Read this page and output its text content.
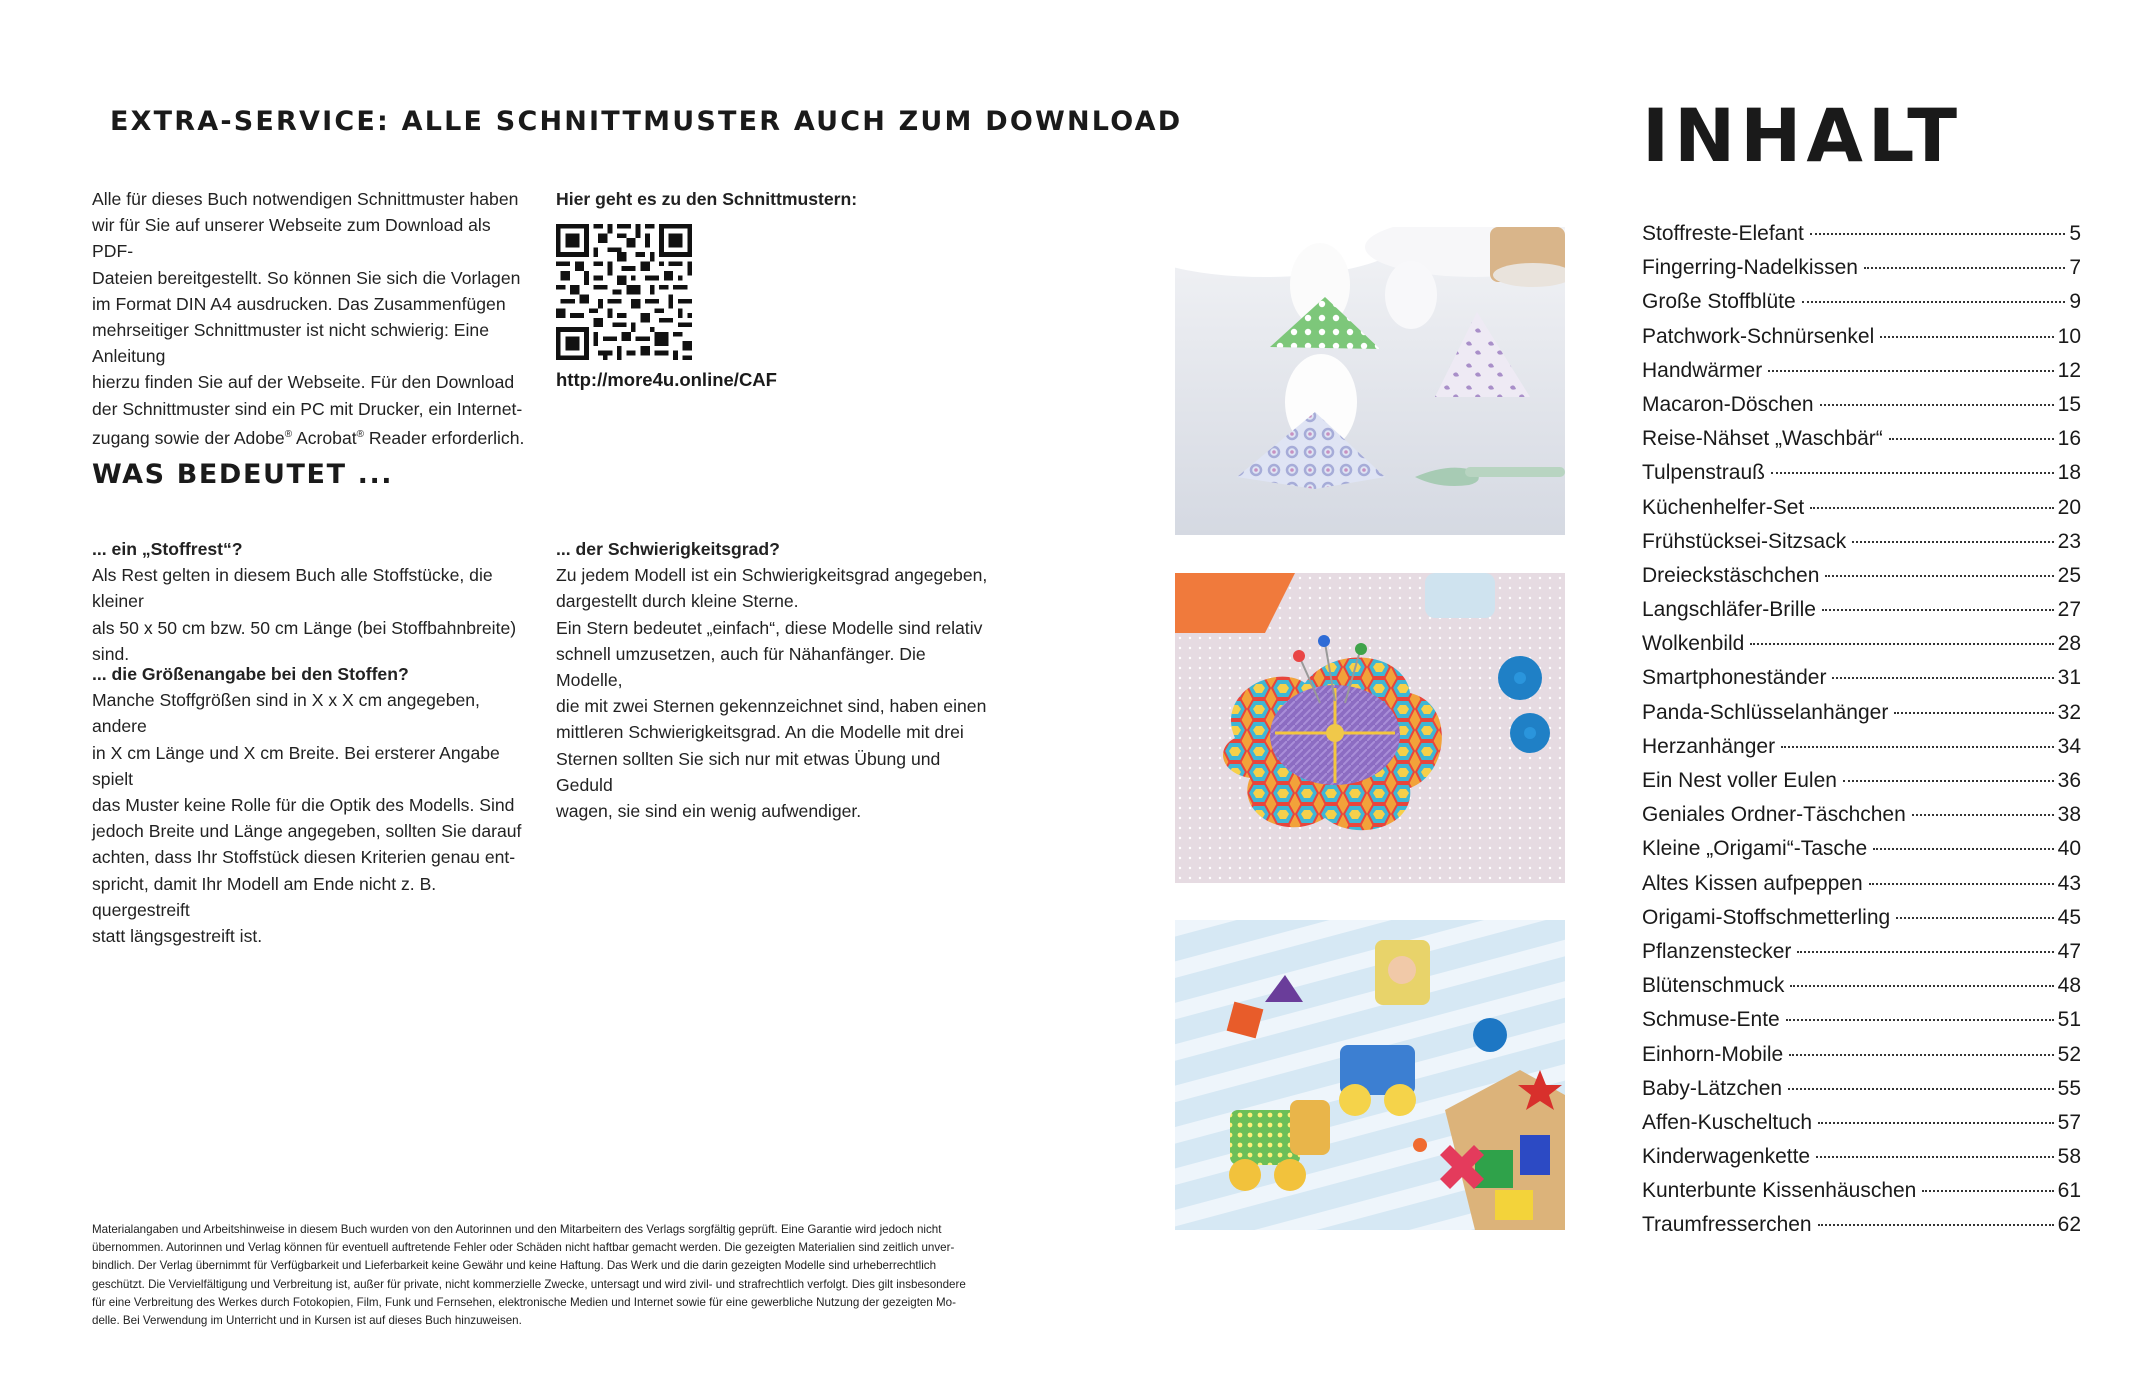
EXTRA-SERVICE: ALLE SCHNITTMUSTER AUCH ZUM DOWNLOAD
Alle für dieses Buch notwendigen Schnittmuster haben
wir für Sie auf unserer Webseite zum Download als PDF-
Dateien bereitgestellt. So können Sie sich die Vorlagen
im Format DIN A4 ausdrucken. Das Zusammenfügen
mehrseitiger Schnittmuster ist nicht schwierig: Eine Anleitung
hierzu finden Sie auf der Webseite. Für den Download
der Schnittmuster sind ein PC mit Drucker, ein Internet-
zugang sowie der Adobe® Acrobat® Reader erforderlich.
Hier geht es zu den Schnittmustern:
http://more4u.online/CAF
WAS BEDEUTET ...
... ein „Stoffrest“?
Als Rest gelten in diesem Buch alle Stoffstücke, die kleiner
als 50 x 50 cm bzw. 50 cm Länge (bei Stoffbahnbreite)
sind.
... die Größenangabe bei den Stoffen?
Manche Stoffgrößen sind in X x X cm angegeben, andere
in X cm Länge und X cm Breite. Bei ersterer Angabe spielt
das Muster keine Rolle für die Optik des Modells. Sind
jedoch Breite und Länge angegeben, sollten Sie darauf
achten, dass Ihr Stoffstück diesen Kriterien genau ent-
spricht, damit Ihr Modell am Ende nicht z. B. quergestreift
statt längsgestreift ist.
... der Schwierigkeitsgrad?
Zu jedem Modell ist ein Schwierigkeitsgrad angegeben,
dargestellt durch kleine Sterne.
Ein Stern bedeutet „einfach“, diese Modelle sind relativ
schnell umzusetzen, auch für Nähanfänger. Die Modelle,
die mit zwei Sternen gekennzeichnet sind, haben einen
mittleren Schwierigkeitsgrad. An die Modelle mit drei
Sternen sollten Sie sich nur mit etwas Übung und Geduld
wagen, sie sind ein wenig aufwendiger.
Materialangaben und Arbeitshinweise in diesem Buch wurden von den Autorinnen und den Mitarbeitern des Verlags sorgfältig geprüft. Eine Garantie wird jedoch nicht
übernommen. Autorinnen und Verlag können für eventuell auftretende Fehler oder Schäden nicht haftbar gemacht werden. Die gezeigten Materialien sind zeitlich unver-
bindlich. Der Verlag übernimmt für Verfügbarkeit und Lieferbarkeit keine Gewähr und keine Haftung. Das Werk und die darin gezeigten Modelle sind urheberrechtlich
geschützt. Die Vervielfältigung und Verbreitung ist, außer für private, nicht kommerzielle Zwecke, untersagt und wird zivil- und strafrechtlich verfolgt. Dies gilt insbesondere
für eine Verbreitung des Werkes durch Fotokopien, Film, Funk und Fernsehen, elektronische Medien und Internet sowie für eine gewerbliche Nutzung der gezeigten Mo-
delle. Bei Verwendung im Unterricht und in Kursen ist auf dieses Buch hinzuweisen.
INHALT
Stoffreste-Elefant	5
Fingerring-Nadelkissen	7
Große Stoffblüte	9
Patchwork-Schnürsenkel	10
Handwärmer	12
Macaron-Döschen	15
Reise-Nähset „Waschbär“	16
Tulpenstrauß	18
Küchenhelfer-Set	20
Frühstücksei-Sitzsack	23
Dreieckstäschchen	25
Langschläfer-Brille	27
Wolkenbild	28
Smartphoneständer	31
Panda-Schlüsselanhänger	32
Herzanhänger	34
Ein Nest voller Eulen	36
Geniales Ordner-Täschchen	38
Kleine „Origami“-Tasche	40
Altes Kissen aufpeppen	43
Origami-Stoffschmetterling	45
Pflanzenstecker	47
Blütenschmuck	48
Schmuse-Ente	51
Einhorn-Mobile	52
Baby-Lätzchen	55
Affen-Kuscheltuch	57
Kinderwagenkette	58
Kunterbunte Kissenhäuschen	61
Traumfresserchen	62
